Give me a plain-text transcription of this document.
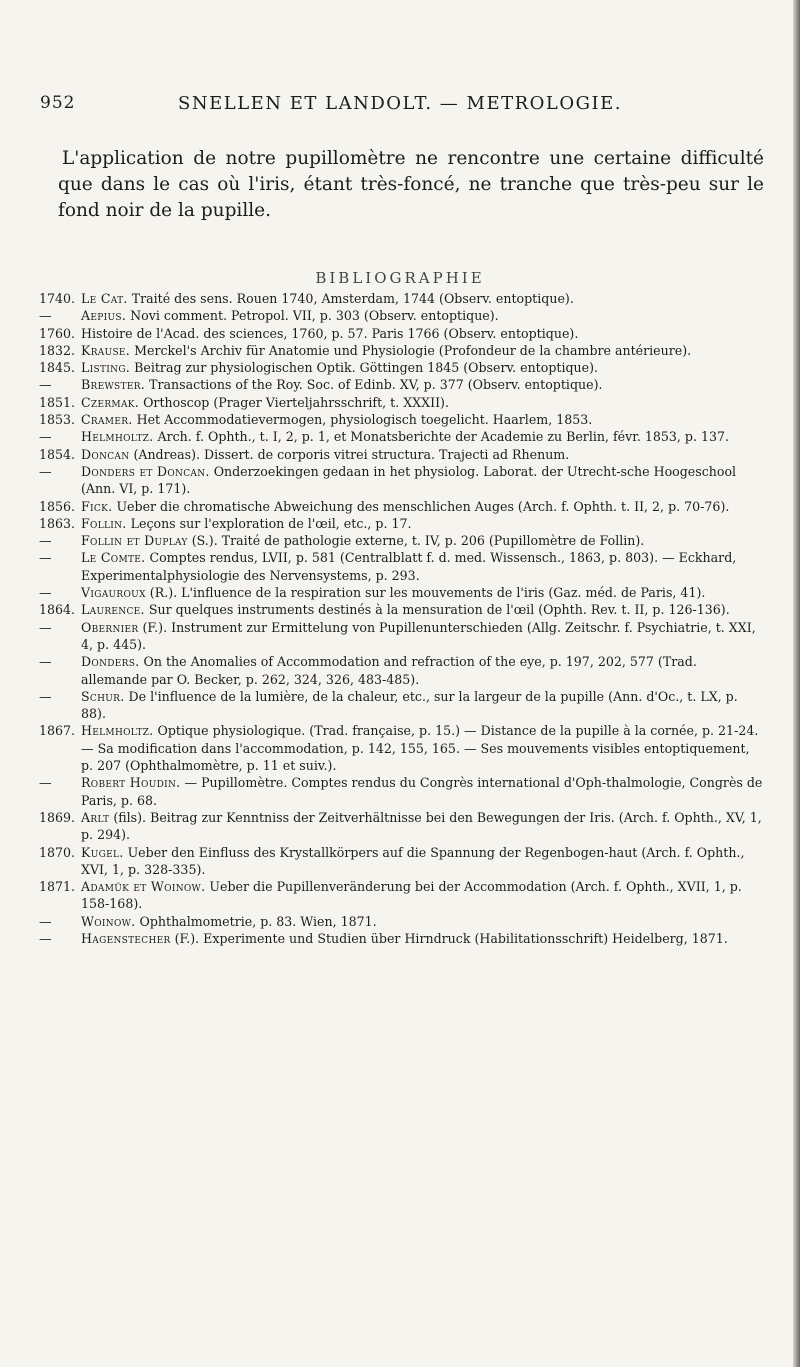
952	SNELLEN ET LANDOLT. — METROLOGIE.

L'application de notre pupillomètre ne rencontre une certaine difficulté que dans le cas où l'iris, étant très-foncé, ne tranche que très-peu sur le fond noir de la pupille.

BIBLIOGRAPHIE
1740. Le Cat. Traité des sens. Rouen 1740, Amsterdam, 1744 (Observ. entoptique).
—	Aepius. Novi comment. Petropol. VII, p. 303 (Observ. entoptique).
1760. Histoire de l'Acad. des sciences, 1760, p. 57. Paris 1766 (Observ. entoptique).
1832. Krause. Merckel's Archiv für Anatomie und Physiologie (Profondeur de la chambre antérieure).
1845. Listing. Beitrag zur physiologischen Optik. Göttingen 1845 (Observ. entoptique).
—	Brewster. Transactions of the Roy. Soc. of Edinb. XV, p. 377 (Observ. entoptique).
1851. Czermak. Orthoscop (Prager Vierteljahrsschrift, t. XXXII).
1853. Cramer. Het Accommodatievermogen, physiologisch toegelicht. Haarlem, 1853.
—	Helmholtz. Arch. f. Ophth., t. I, 2, p. 1, et Monatsberichte der Academie zu Berlin, févr. 1853, p. 137.
1854. Doncan (Andreas). Dissert. de corporis vitrei structura. Trajecti ad Rhenum.
—	Donders et Doncan. Onderzoekingen gedaan in het physiolog. Laborat. der Utrecht-sche Hoogeschool (Ann. VI, p. 171).
1856. Fick. Ueber die chromatische Abweichung des menschlichen Auges (Arch. f. Ophth. t. II, 2, p. 70-76).
1863. Follin. Leçons sur l'exploration de l'œil, etc., p. 17.
—	Follin et Duplay (S.). Traité de pathologie externe, t. IV, p. 206 (Pupillomètre de Follin).
—	Le Comte. Comptes rendus, LVII, p. 581 (Centralblatt f. d. med. Wissensch., 1863, p. 803). — Eckhard, Experimentalphysiologie des Nervensystems, p. 293.
—	Vigauroux (R.). L'influence de la respiration sur les mouvements de l'iris (Gaz. méd. de Paris, 41).
1864. Laurence. Sur quelques instruments destinés à la mensuration de l'œil (Ophth. Rev. t. II, p. 126-136).
—	Obernier (F.). Instrument zur Ermittelung von Pupillenunterschieden (Allg. Zeitschr. f. Psychiatrie, t. XXI, 4, p. 445).
—	Donders. On the Anomalies of Accommodation and refraction of the eye, p. 197, 202, 577 (Trad. allemande par O. Becker, p. 262, 324, 326, 483-485).
—	Schur. De l'influence de la lumière, de la chaleur, etc., sur la largeur de la pupille (Ann. d'Oc., t. LX, p. 88).
1867. Helmholtz. Optique physiologique. (Trad. française, p. 15.) — Distance de la pupille à la cornée, p. 21-24. — Sa modification dans l'accommodation, p. 142, 155, 165. — Ses mouvements visibles entoptiquement, p. 207 (Ophthalmomètre, p. 11 et suiv.).
—	Robert Houdin. — Pupillomètre. Comptes rendus du Congrès international d'Oph-thalmologie, Congrès de Paris, p. 68.
1869. Arlt (fils). Beitrag zur Kenntniss der Zeitverhältnisse bei den Bewegungen der Iris. (Arch. f. Ophth., XV, 1, p. 294).
1870. Kugel. Ueber den Einfluss des Krystallkörpers auf die Spannung der Regenbogen-haut (Arch. f. Ophth., XVI, 1, p. 328-335).
1871. Adamük et Woinow. Ueber die Pupillenveränderung bei der Accommodation (Arch. f. Ophth., XVII, 1, p. 158-168).
—	Woinow. Ophthalmometrie, p. 83. Wien, 1871.
—	Hagenstecher (F.). Experimente und Studien über Hirndruck (Habilitationsschrift) Heidelberg, 1871.
